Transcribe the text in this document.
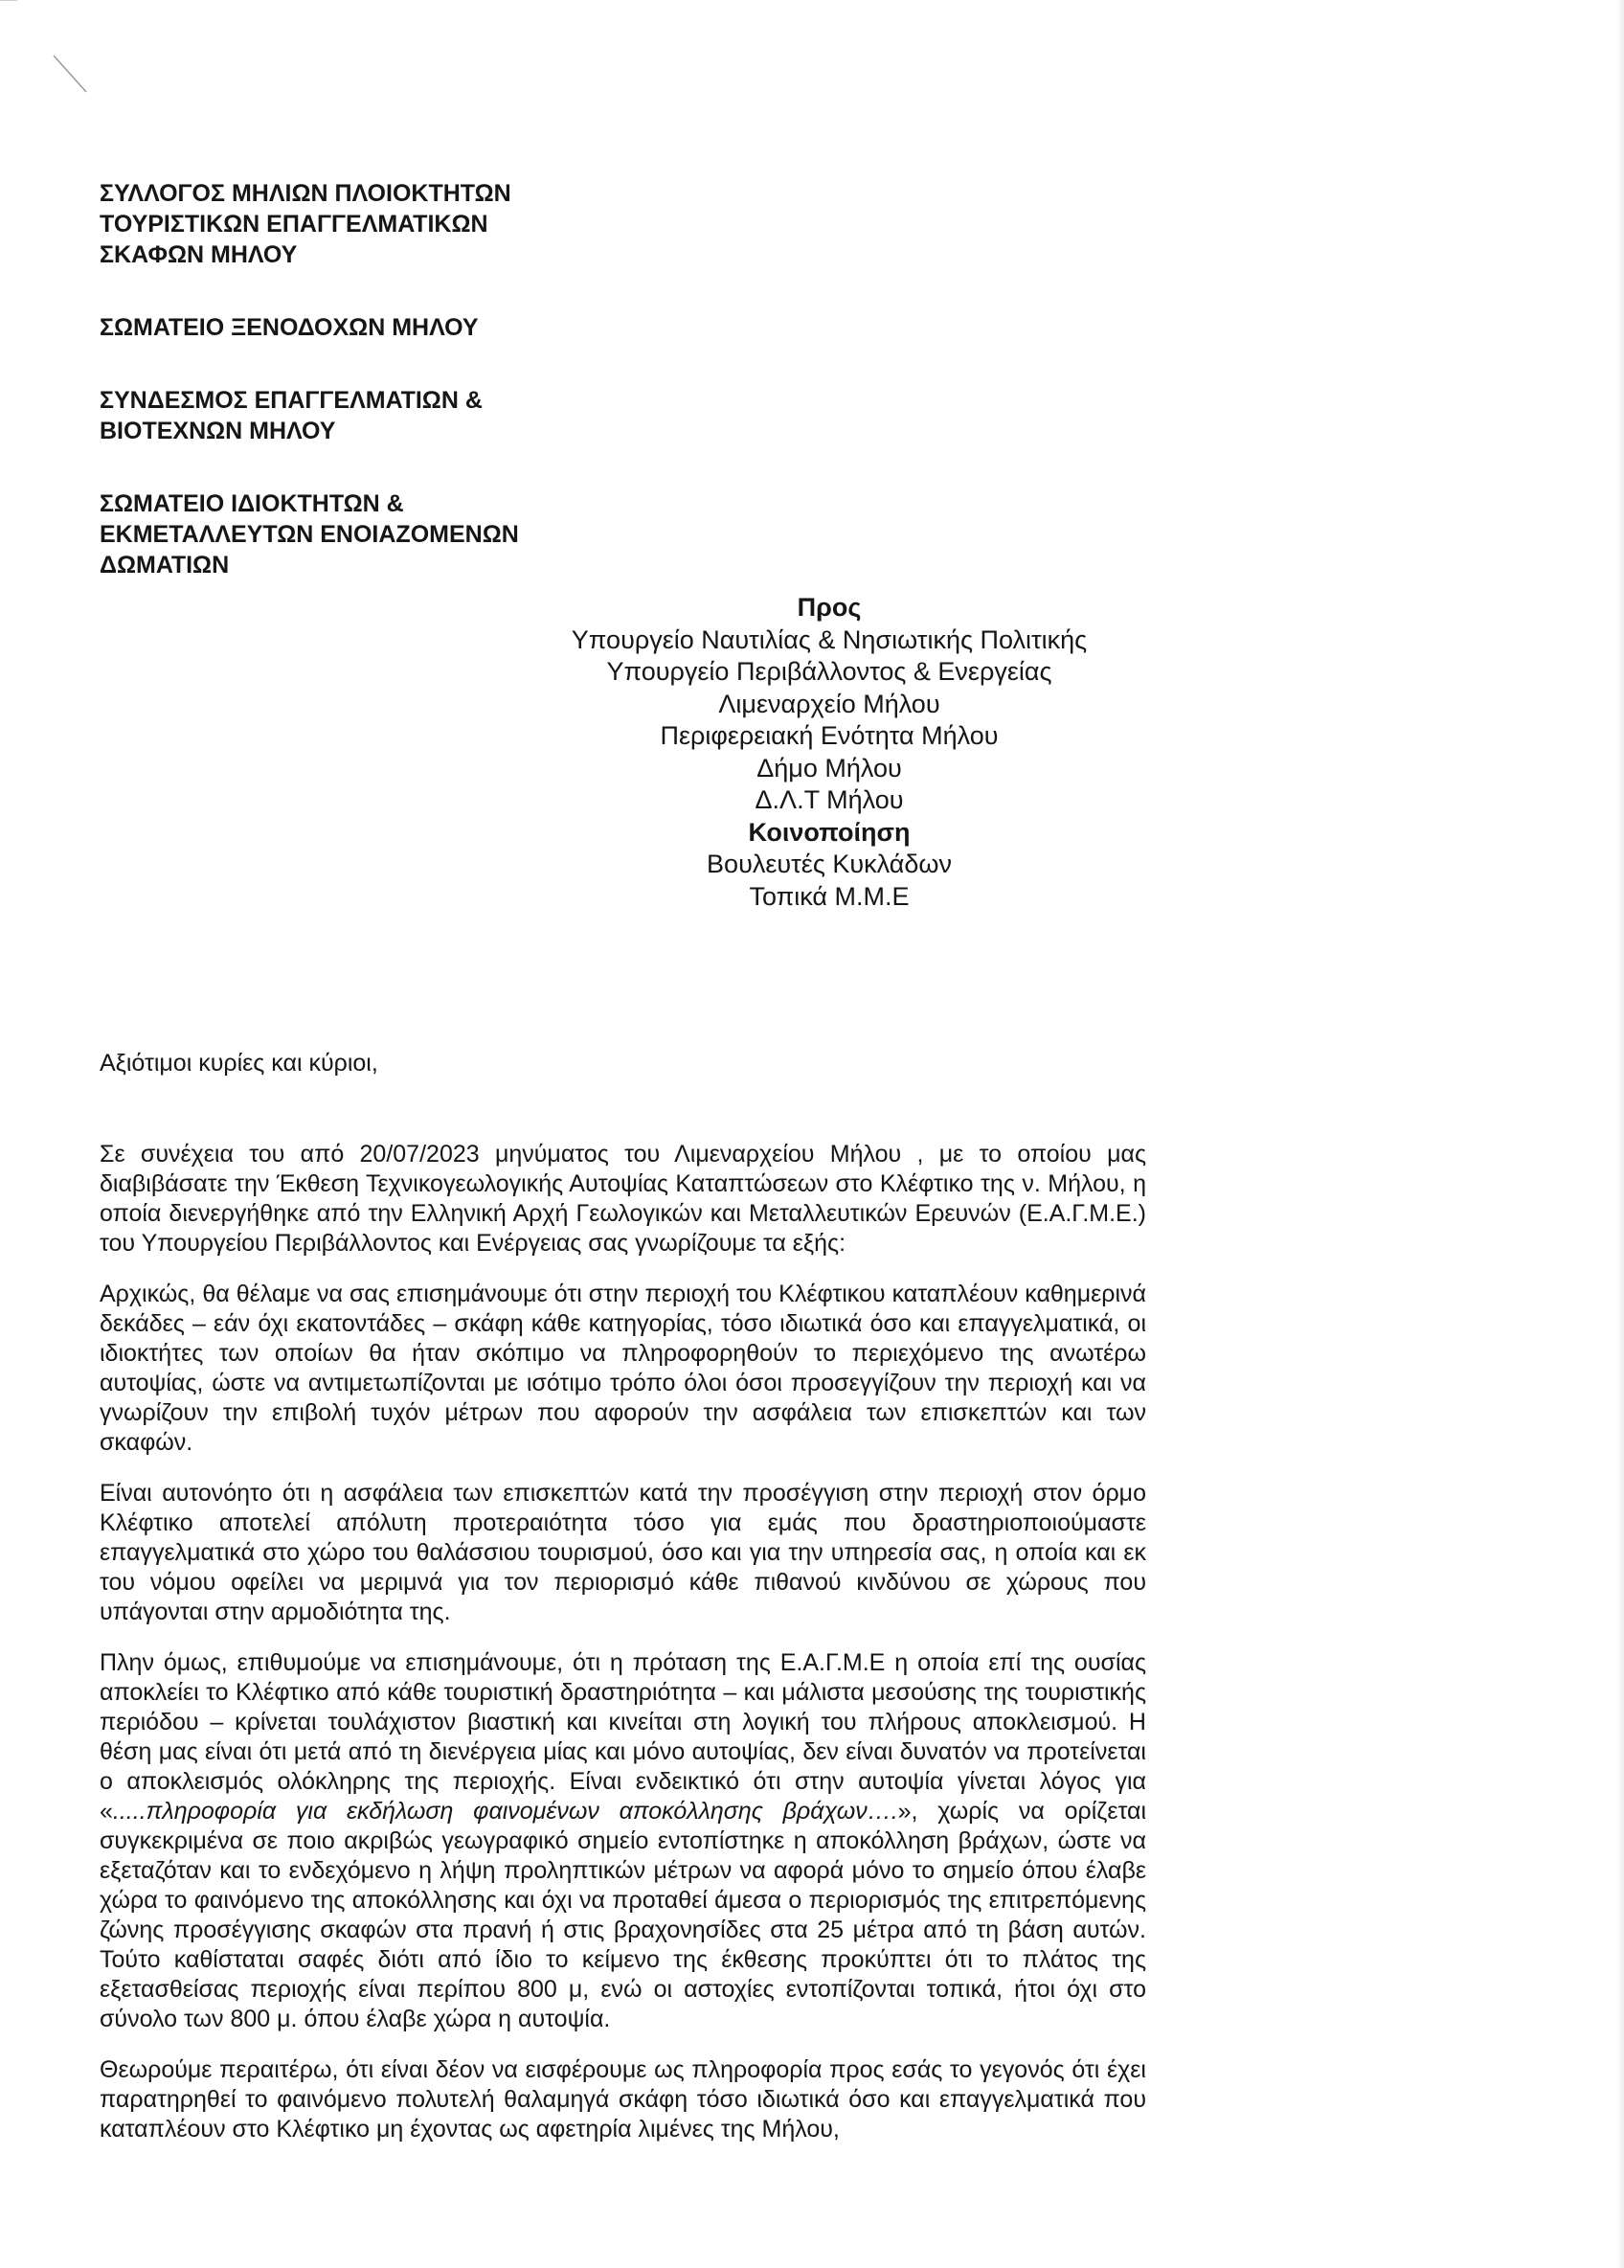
ΣΥΛΛΟΓΟΣ ΜΗΛΙΩΝ ΠΛΟΙΟΚΤΗΤΩΝ
ΤΟΥΡΙΣΤΙΚΩΝ ΕΠΑΓΓΕΛΜΑΤΙΚΩΝ
ΣΚΑΦΩΝ ΜΗΛΟΥ
ΣΩΜΑΤΕΙΟ ΞΕΝΟΔΟΧΩΝ ΜΗΛΟΥ
ΣΥΝΔΕΣΜΟΣ ΕΠΑΓΓΕΛΜΑΤΙΩΝ &
ΒΙΟΤΕΧΝΩΝ ΜΗΛΟΥ
ΣΩΜΑΤΕΙΟ ΙΔΙΟΚΤΗΤΩΝ &
ΕΚΜΕΤΑΛΛΕΥΤΩΝ ΕΝΟΙΑΖΟΜΕΝΩΝ
ΔΩΜΑΤΙΩΝ
Προς
Υπουργείο Ναυτιλίας & Νησιωτικής Πολιτικής
Υπουργείο Περιβάλλοντος & Ενεργείας
Λιμεναρχείο Μήλου
Περιφερειακή Ενότητα Μήλου
Δήμο Μήλου
Δ.Λ.Τ Μήλου
Κοινοποίηση
Βουλευτές Κυκλάδων
Τοπικά Μ.Μ.Ε
Αξιότιμοι κυρίες και κύριοι,

Σε συνέχεια του από 20/07/2023 μηνύματος του Λιμεναρχείου Μήλου , με το οποίου μας διαβιβάσατε την Έκθεση Τεχνικογεωλογικής Αυτοψίας Καταπτώσεων στο Κλέφτικο της ν. Μήλου, η οποία διενεργήθηκε από την Ελληνική Αρχή Γεωλογικών και Μεταλλευτικών Ερευνών (Ε.Α.Γ.Μ.Ε.) του Υπουργείου Περιβάλλοντος και Ενέργειας σας γνωρίζουμε τα εξής:

Αρχικώς, θα θέλαμε να σας επισημάνουμε ότι στην περιοχή του Κλέφτικου καταπλέουν καθημερινά δεκάδες – εάν όχι εκατοντάδες – σκάφη κάθε κατηγορίας, τόσο ιδιωτικά όσο και επαγγελματικά, οι ιδιοκτήτες των οποίων θα ήταν σκόπιμο να πληροφορηθούν το περιεχόμενο της ανωτέρω αυτοψίας, ώστε να αντιμετωπίζονται με ισότιμο τρόπο όλοι όσοι προσεγγίζουν την περιοχή και να γνωρίζουν την επιβολή τυχόν μέτρων που αφορούν την ασφάλεια των επισκεπτών και των σκαφών.

Είναι αυτονόητο ότι η ασφάλεια των επισκεπτών κατά την προσέγγιση στην περιοχή στον όρμο Κλέφτικο αποτελεί απόλυτη προτεραιότητα τόσο για εμάς που δραστηριοποιούμαστε επαγγελματικά στο χώρο του θαλάσσιου τουρισμού, όσο και για την υπηρεσία σας, η οποία και εκ του νόμου οφείλει να μεριμνά για τον περιορισμό κάθε πιθανού κινδύνου σε χώρους που υπάγονται στην αρμοδιότητα της.

Πλην όμως, επιθυμούμε να επισημάνουμε, ότι η πρόταση της Ε.Α.Γ.Μ.Ε η οποία επί της ουσίας αποκλείει το Κλέφτικο από κάθε τουριστική δραστηριότητα – και μάλιστα μεσούσης της τουριστικής περιόδου – κρίνεται τουλάχιστον βιαστική και κινείται στη λογική του πλήρους αποκλεισμού. Η θέση μας είναι ότι μετά από τη διενέργεια μίας και μόνο αυτοψίας, δεν είναι δυνατόν να προτείνεται ο αποκλεισμός ολόκληρης της περιοχής. Είναι ενδεικτικό ότι στην αυτοψία γίνεται λόγος για «.....πληροφορία για εκδήλωση φαινομένων αποκόλλησης βράχων….», χωρίς να ορίζεται συγκεκριμένα σε ποιο ακριβώς γεωγραφικό σημείο εντοπίστηκε η αποκόλληση βράχων, ώστε να εξεταζόταν και το ενδεχόμενο η λήψη προληπτικών μέτρων να αφορά μόνο το σημείο όπου έλαβε χώρα το φαινόμενο της αποκόλλησης και όχι να προταθεί άμεσα ο περιορισμός της επιτρεπόμενης ζώνης προσέγγισης σκαφών στα πρανή ή στις βραχονησίδες στα 25 μέτρα από τη βάση αυτών. Τούτο καθίσταται σαφές διότι από ίδιο το κείμενο της έκθεσης προκύπτει ότι το πλάτος της εξετασθείσας περιοχής είναι περίπου 800 μ, ενώ οι αστοχίες εντοπίζονται τοπικά, ήτοι όχι στο σύνολο των 800 μ. όπου έλαβε χώρα η αυτοψία.

Θεωρούμε περαιτέρω, ότι είναι δέον να εισφέρουμε ως πληροφορία προς εσάς το γεγονός ότι έχει παρατηρηθεί το φαινόμενο πολυτελή θαλαμηγά σκάφη τόσο ιδιωτικά όσο και επαγγελματικά που καταπλέουν στο Κλέφτικο μη έχοντας ως αφετηρία λιμένες της Μήλου,
